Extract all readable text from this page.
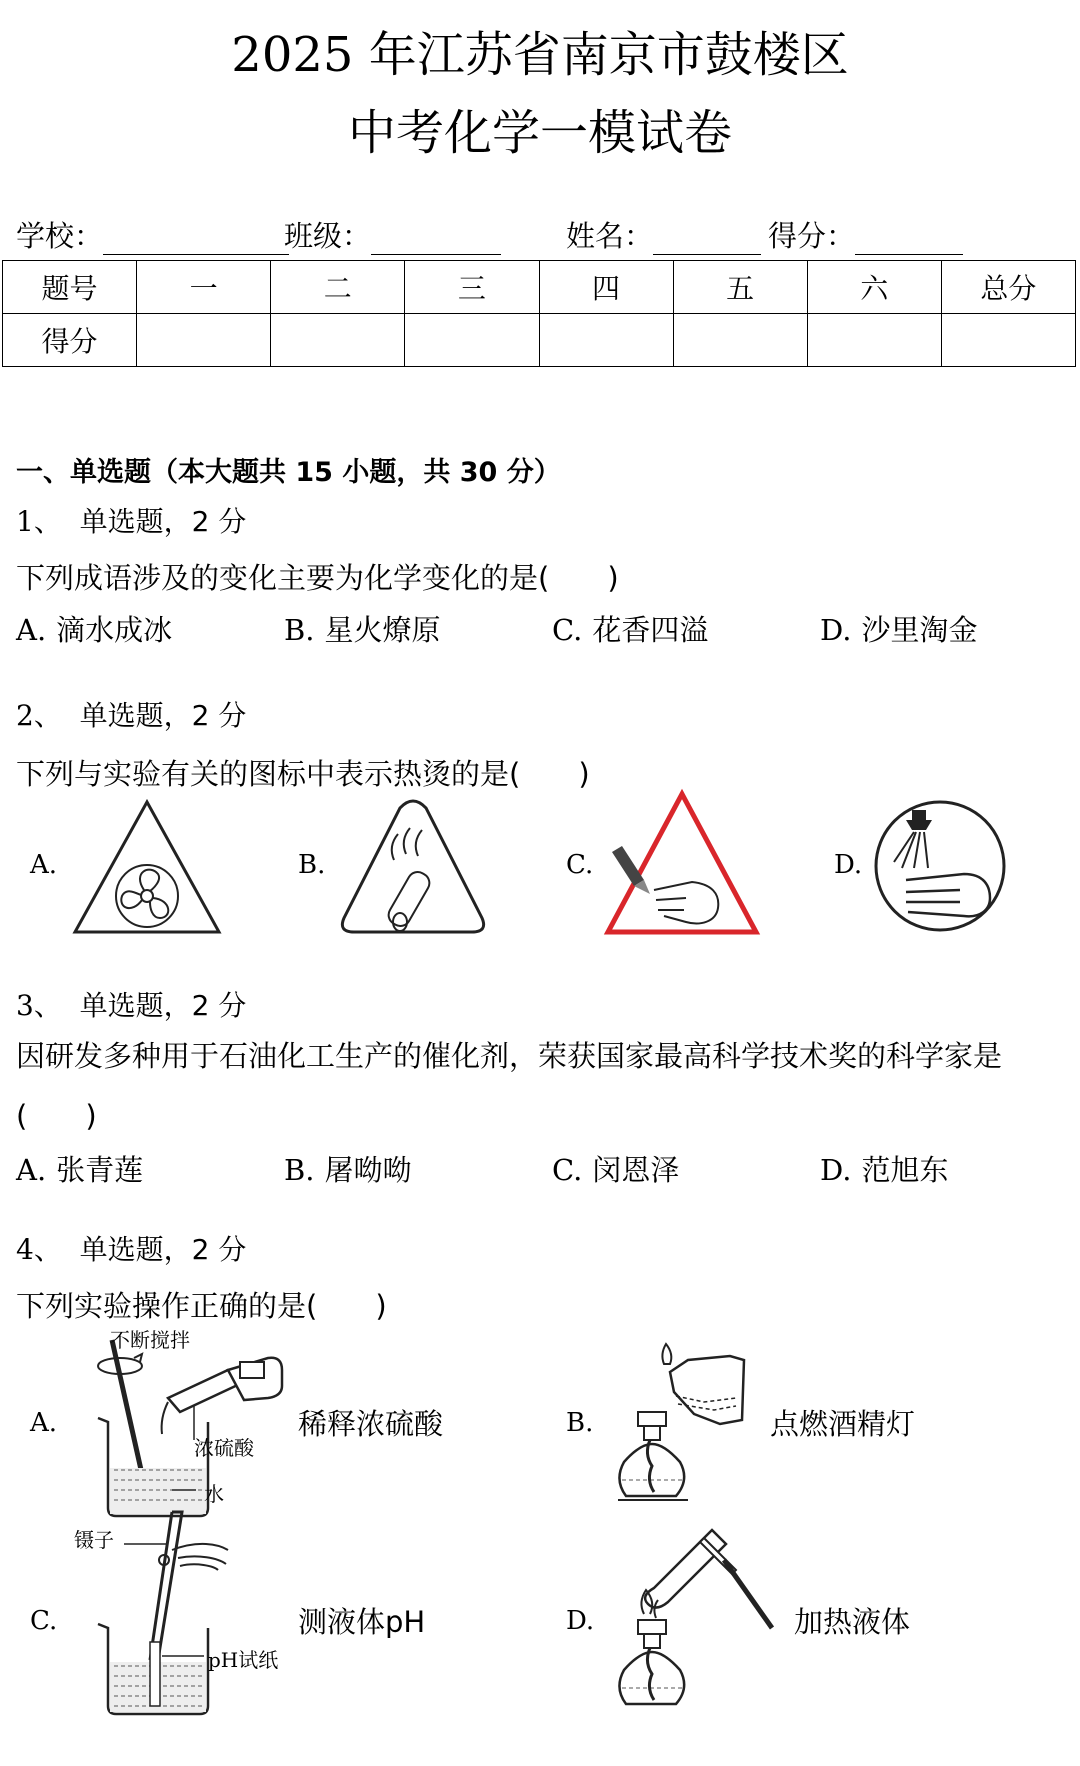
2025 年江苏省南京市鼓楼区
中考化学一模试卷
学校：	班级：	姓名：	得分：
题号	一	二	三	四	五	六	总分
得分							
一、单选题（本大题共 15 小题，共 30 分）
1、 单选题，2 分
下列成语涉及的变化主要为化学变化的是(　　)
A. 滴水成冰	B. 星火燎原	C. 花香四溢	D. 沙里淘金
2、 单选题，2 分
下列与实验有关的图标中表示热烫的是(　　)
A.	B.	C.	D.
3、 单选题，2 分
因研发多种用于石油化工生产的催化剂，荣获国家最高科学技术奖的科学家是
(　　)
A. 张青莲	B. 屠呦呦	C. 闵恩泽	D. 范旭东
4、 单选题，2 分
下列实验操作正确的是(　　)
A.
不断搅拌
浓硫酸
水
稀释浓硫酸	B.	点燃酒精灯
C.
镊子
pH试纸
测液体pH	D.	加热液体
